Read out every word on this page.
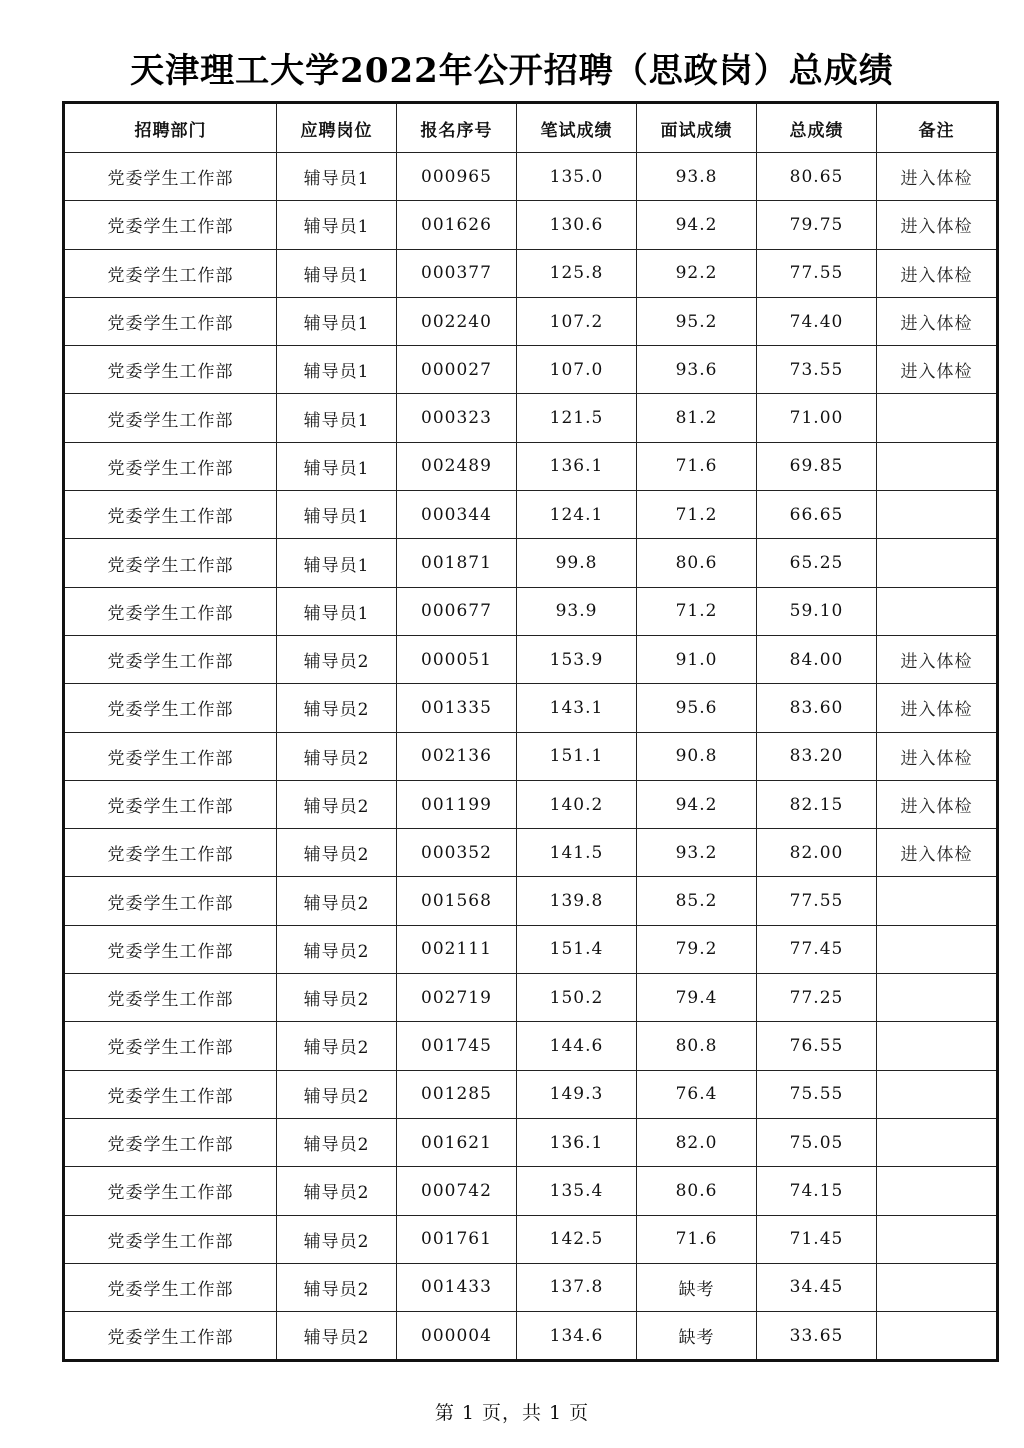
天津理工大学2022年公开招聘（思政岗）总成绩
招聘部门	应聘岗位	报名序号	笔试成绩	面试成绩	总成绩	备注
党委学生工作部	辅导员1	000965	135.0	93.8	80.65	进入体检
党委学生工作部	辅导员1	001626	130.6	94.2	79.75	进入体检
党委学生工作部	辅导员1	000377	125.8	92.2	77.55	进入体检
党委学生工作部	辅导员1	002240	107.2	95.2	74.40	进入体检
党委学生工作部	辅导员1	000027	107.0	93.6	73.55	进入体检
党委学生工作部	辅导员1	000323	121.5	81.2	71.00	
党委学生工作部	辅导员1	002489	136.1	71.6	69.85	
党委学生工作部	辅导员1	000344	124.1	71.2	66.65	
党委学生工作部	辅导员1	001871	99.8	80.6	65.25	
党委学生工作部	辅导员1	000677	93.9	71.2	59.10	
党委学生工作部	辅导员2	000051	153.9	91.0	84.00	进入体检
党委学生工作部	辅导员2	001335	143.1	95.6	83.60	进入体检
党委学生工作部	辅导员2	002136	151.1	90.8	83.20	进入体检
党委学生工作部	辅导员2	001199	140.2	94.2	82.15	进入体检
党委学生工作部	辅导员2	000352	141.5	93.2	82.00	进入体检
党委学生工作部	辅导员2	001568	139.8	85.2	77.55	
党委学生工作部	辅导员2	002111	151.4	79.2	77.45	
党委学生工作部	辅导员2	002719	150.2	79.4	77.25	
党委学生工作部	辅导员2	001745	144.6	80.8	76.55	
党委学生工作部	辅导员2	001285	149.3	76.4	75.55	
党委学生工作部	辅导员2	001621	136.1	82.0	75.05	
党委学生工作部	辅导员2	000742	135.4	80.6	74.15	
党委学生工作部	辅导员2	001761	142.5	71.6	71.45	
党委学生工作部	辅导员2	001433	137.8	缺考	34.45	
党委学生工作部	辅导员2	000004	134.6	缺考	33.65	
第 1 页，共 1 页
